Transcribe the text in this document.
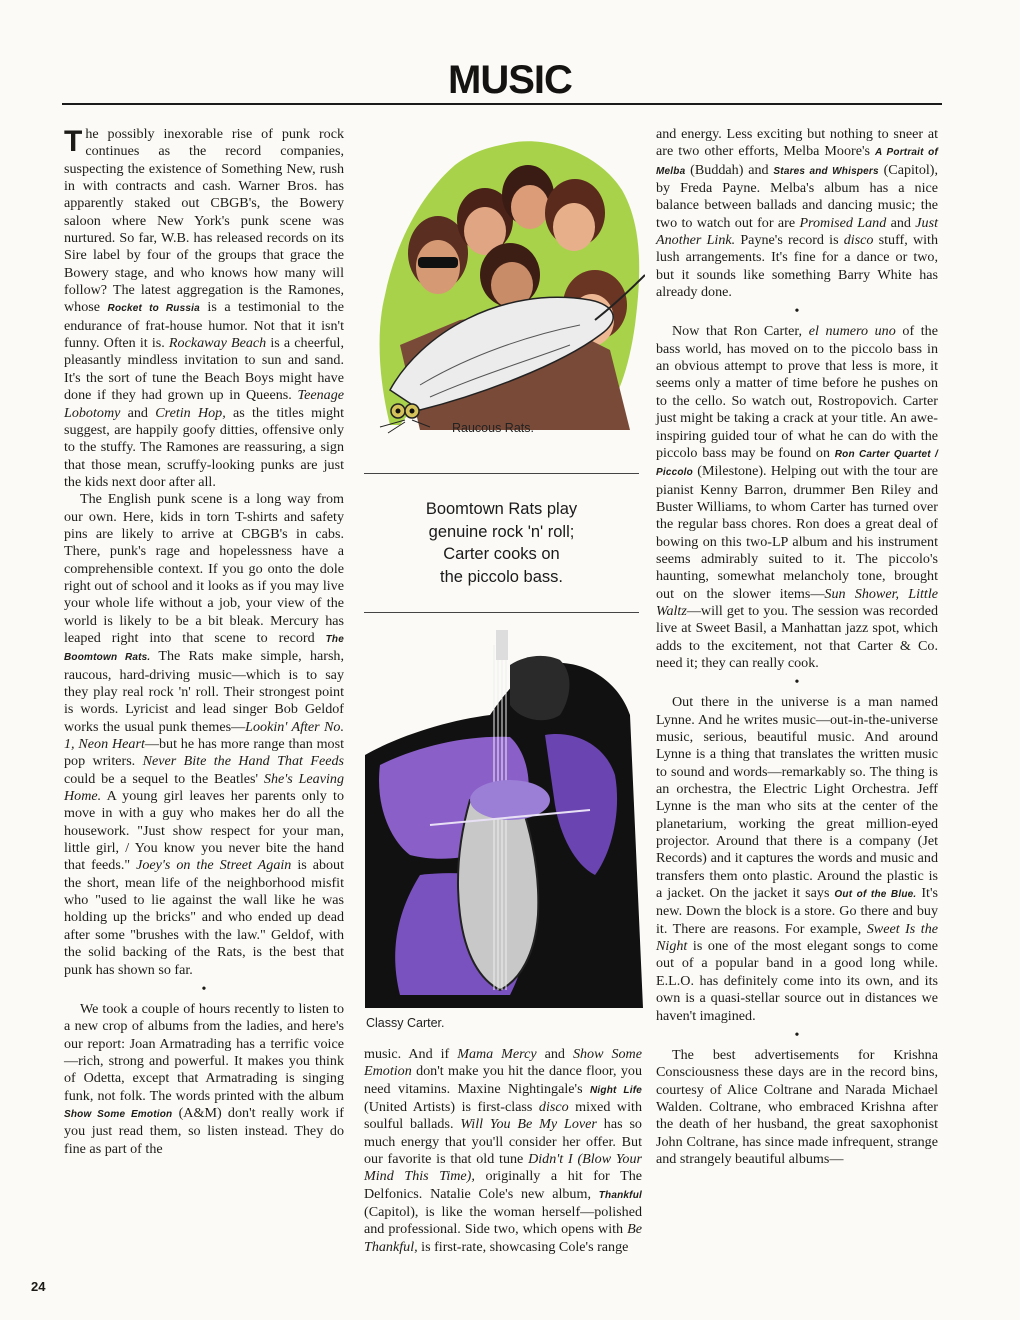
MUSIC

The possibly inexorable rise of punk rock continues as the record companies, suspecting the existence of Something New, rush in with contracts and cash. Warner Bros. has apparently staked out CBGB's, the Bowery saloon where New York's punk scene was nurtured. So far, W.B. has released records on its Sire label by four of the groups that grace the Bowery stage, and who knows how many will follow? The latest aggregation is the Ramones, whose Rocket to Russia is a testimonial to the endurance of frat-house humor. Not that it isn't funny. Often it is. Rockaway Beach is a cheerful, pleasantly mindless invitation to sun and sand. It's the sort of tune the Beach Boys might have done if they had grown up in Queens. Teenage Lobotomy and Cretin Hop, as the titles might suggest, are happily goofy ditties, offensive only to the stuffy. The Ramones are reassuring, a sign that those mean, scruffy-looking punks are just the kids next door after all.

The English punk scene is a long way from our own. Here, kids in torn T-shirts and safety pins are likely to arrive at CBGB's in cabs. There, punk's rage and hopelessness have a comprehensible context. If you go onto the dole right out of school and it looks as if you may live your whole life without a job, your view of the world is likely to be a bit bleak. Mercury has leaped right into that scene to record The Boomtown Rats. The Rats make simple, harsh, raucous, hard-driving music—which is to say they play real rock 'n' roll. Their strongest point is words. Lyricist and lead singer Bob Geldof works the usual punk themes—Lookin' After No. 1, Neon Heart—but he has more range than most pop writers. Never Bite the Hand That Feeds could be a sequel to the Beatles' She's Leaving Home. A young girl leaves her parents only to move in with a guy who makes her do all the housework. "Just show respect for your man, little girl, / You know you never bite the hand that feeds." Joey's on the Street Again is about the short, mean life of the neighborhood misfit who "used to lie against the wall like he was holding up the bricks" and who ended up dead after some "brushes with the law." Geldof, with the solid backing of the Rats, is the best that punk has shown so far.

•

We took a couple of hours recently to listen to a new crop of albums from the ladies, and here's our report: Joan Armatrading has a terrific voice—rich, strong and powerful. It makes you think of Odetta, except that Armatrading is singing funk, not folk. The words printed with the album Show Some Emotion (A&M) don't really work if you just read them, so listen instead. They do fine as part of the

Raucous Rats.
Boomtown Rats play
genuine rock 'n' roll;
Carter cooks on
the piccolo bass.
Classy Carter.

music. And if Mama Mercy and Show Some Emotion don't make you hit the dance floor, you need vitamins. Maxine Nightingale's Night Life (United Artists) is first-class disco mixed with soulful ballads. Will You Be My Lover has so much energy that you'll consider her offer. But our favorite is that old tune Didn't I (Blow Your Mind This Time), originally a hit for The Delfonics. Natalie Cole's new album, Thankful (Capitol), is like the woman herself—polished and professional. Side two, which opens with Be Thankful, is first-rate, showcasing Cole's range

and energy. Less exciting but nothing to sneer at are two other efforts, Melba Moore's A Portrait of Melba (Buddah) and Stares and Whispers (Capitol), by Freda Payne. Melba's album has a nice balance between ballads and dancing music; the two to watch out for are Promised Land and Just Another Link. Payne's record is disco stuff, with lush arrangements. It's fine for a dance or two, but it sounds like something Barry White has already done.

•

Now that Ron Carter, el numero uno of the bass world, has moved on to the piccolo bass in an obvious attempt to prove that less is more, it seems only a matter of time before he pushes on to the cello. So watch out, Rostropovich. Carter just might be taking a crack at your title. An awe-inspiring guided tour of what he can do with the piccolo bass may be found on Ron Carter Quartet / Piccolo (Milestone). Helping out with the tour are pianist Kenny Barron, drummer Ben Riley and Buster Williams, to whom Carter has turned over the regular bass chores. Ron does a great deal of bowing on this two-LP album and his instrument seems admirably suited to it. The piccolo's haunting, somewhat melancholy tone, brought out on the slower items—Sun Shower, Little Waltz—will get to you. The session was recorded live at Sweet Basil, a Manhattan jazz spot, which adds to the excitement, not that Carter & Co. need it; they can really cook.

•

Out there in the universe is a man named Lynne. And he writes music—out-in-the-universe music, serious, beautiful music. And around Lynne is a thing that translates the written music to sound and words—remarkably so. The thing is an orchestra, the Electric Light Orchestra. Jeff Lynne is the man who sits at the center of the planetarium, working the great million-eyed projector. Around that there is a company (Jet Records) and it captures the words and music and transfers them onto plastic. Around the plastic is a jacket. On the jacket it says Out of the Blue. It's new. Down the block is a store. Go there and buy it. There are reasons. For example, Sweet Is the Night is one of the most elegant songs to come out of a popular band in a good long while. E.L.O. has definitely come into its own, and its own is a quasi-stellar source out in distances we haven't imagined.

•

The best advertisements for Krishna Consciousness these days are in the record bins, courtesy of Alice Coltrane and Narada Michael Walden. Coltrane, who embraced Krishna after the death of her husband, the great saxophonist John Coltrane, has since made infrequent, strange and strangely beautiful albums—

24
